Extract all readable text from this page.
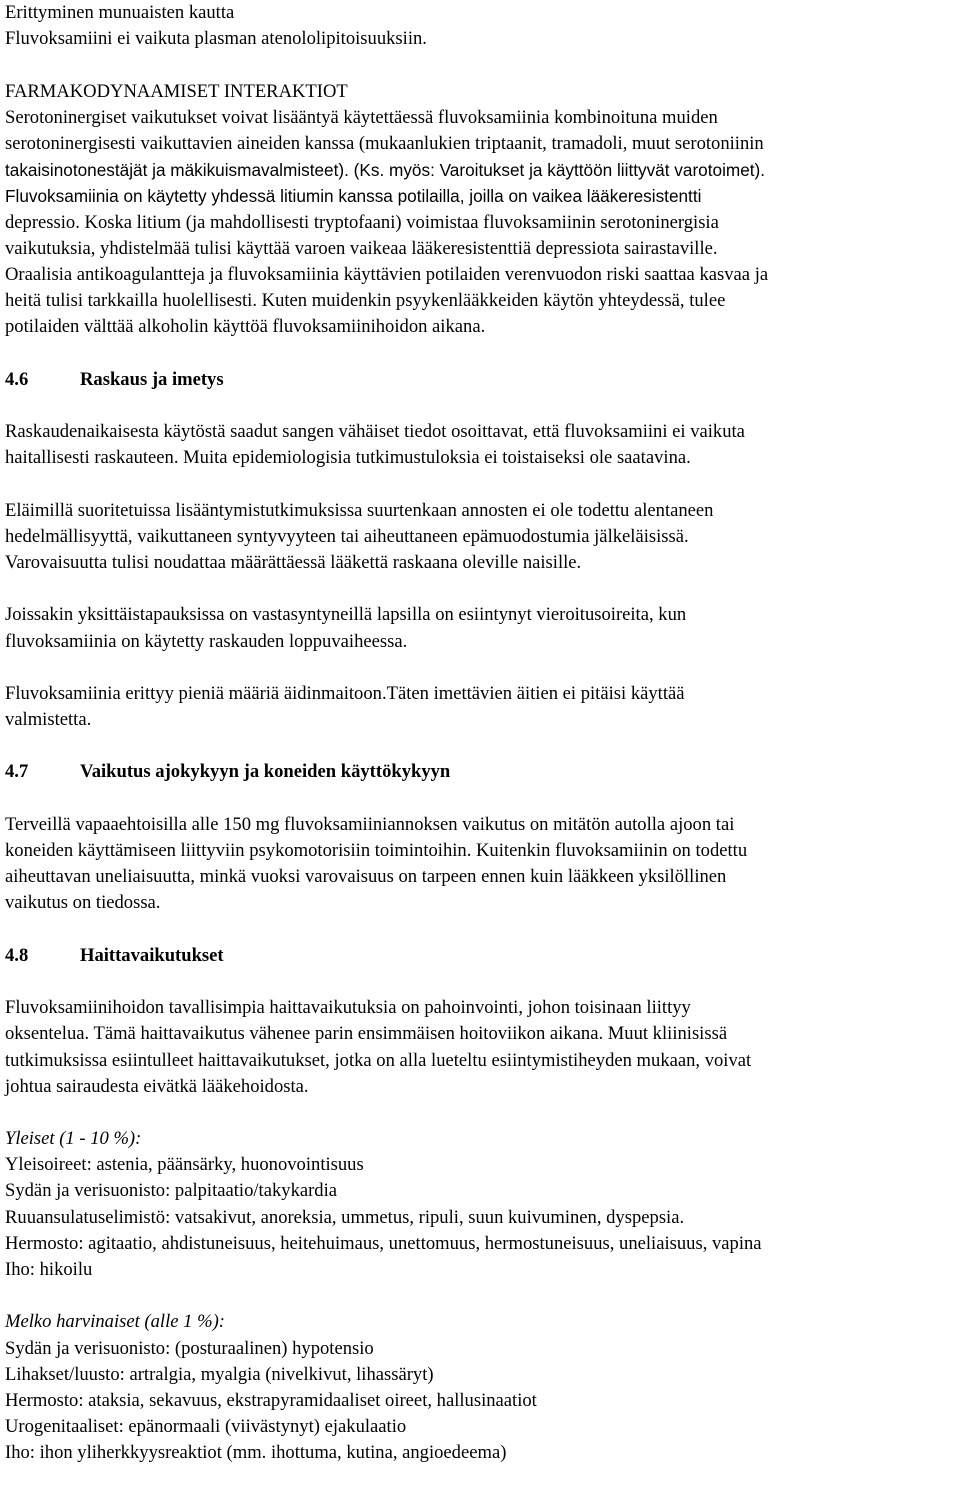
Erittyminen munuaisten kautta
Fluvoksamiini ei vaikuta plasman atenololipitoisuuksiin.
FARMAKODYNAAMISET INTERAKTIOT
Serotoninergiset vaikutukset voivat lisääntyä käytettäessä fluvoksamiinia kombinoituna muiden
serotoninergisesti vaikuttavien aineiden kanssa (mukaanlukien triptaanit, tramadoli, muut serotoniinin
takaisinotonestäjät ja mäkikuismavalmisteet). (Ks. myös: Varoitukset ja käyttöön liittyvät varotoimet).
Fluvoksamiinia on käytetty yhdessä litiumin kanssa potilailla, joilla on vaikea lääkeresistentti
depressio. Koska litium (ja mahdollisesti tryptofaani) voimistaa fluvoksamiinin serotoninergisia
vaikutuksia, yhdistelmää tulisi käyttää varoen vaikeaa lääkeresistenttiä depressiota sairastaville.
Oraalisia antikoagulantteja ja fluvoksamiinia käyttävien potilaiden verenvuodon riski saattaa kasvaa ja
heitä tulisi tarkkailla huolellisesti. Kuten muidenkin psyykenlääkkeiden käytön yhteydessä, tulee
potilaiden välttää alkoholin käyttöä fluvoksamiinihoidon aikana.
4.6	Raskaus ja imetys
Raskaudenaikaisesta käytöstä saadut sangen vähäiset tiedot osoittavat, että fluvoksamiini ei vaikuta
haitallisesti raskauteen. Muita epidemiologisia tutkimustuloksia ei toistaiseksi ole saatavina.
Eläimillä suoritetuissa lisääntymistutkimuksissa suurtenkaan annosten ei ole todettu alentaneen
hedelmällisyyttä, vaikuttaneen syntyvyyteen tai aiheuttaneen epämuodostumia jälkeläisissä.
Varovaisuutta tulisi noudattaa määrättäessä lääkettä raskaana oleville naisille.
Joissakin yksittäistapauksissa on vastasyntyneillä lapsilla on esiintynyt vieroitusoireita, kun
fluvoksamiinia on käytetty raskauden loppuvaiheessa.
Fluvoksamiinia erittyy pieniä määriä äidinmaitoon.Täten imettävien äitien ei pitäisi käyttää
valmistetta.
4.7	Vaikutus ajokykyyn ja koneiden käyttökykyyn
Terveillä vapaaehtoisilla alle 150 mg fluvoksamiiniannoksen vaikutus on mitätön autolla ajoon tai
koneiden käyttämiseen liittyviin psykomotorisiin toimintoihin. Kuitenkin fluvoksamiinin on todettu
aiheuttavan uneliaisuutta, minkä vuoksi varovaisuus on tarpeen ennen kuin lääkkeen yksilöllinen
vaikutus on tiedossa.
4.8	Haittavaikutukset
Fluvoksamiinihoidon tavallisimpia haittavaikutuksia on pahoinvointi, johon toisinaan liittyy
oksentelua. Tämä haittavaikutus vähenee parin ensimmäisen hoitoviikon aikana. Muut kliinisissä
tutkimuksissa esiintulleet haittavaikutukset, jotka on alla lueteltu esiintymistiheyden mukaan, voivat
johtua sairaudesta eivätkä lääkehoidosta.
Yleiset (1 - 10 %):
Yleisoireet: astenia, päänsärky, huonovointisuus
Sydän ja verisuonisto: palpitaatio/takykardia
Ruuansulatuselimistö: vatsakivut, anoreksia, ummetus, ripuli, suun kuivuminen, dyspepsia.
Hermosto: agitaatio, ahdistuneisuus, heitehuimaus, unettomuus, hermostuneisuus, uneliaisuus, vapina
Iho: hikoilu
Melko harvinaiset (alle 1 %):
Sydän ja verisuonisto: (posturaalinen) hypotensio
Lihakset/luusto: artralgia, myalgia (nivelkivut, lihassäryt)
Hermosto: ataksia, sekavuus, ekstrapyramidaaliset oireet, hallusinaatiot
Urogenitaaliset: epänormaali (viivästynyt) ejakulaatio
Iho: ihon yliherkkyysreaktiot (mm. ihottuma, kutina, angioedeema)
